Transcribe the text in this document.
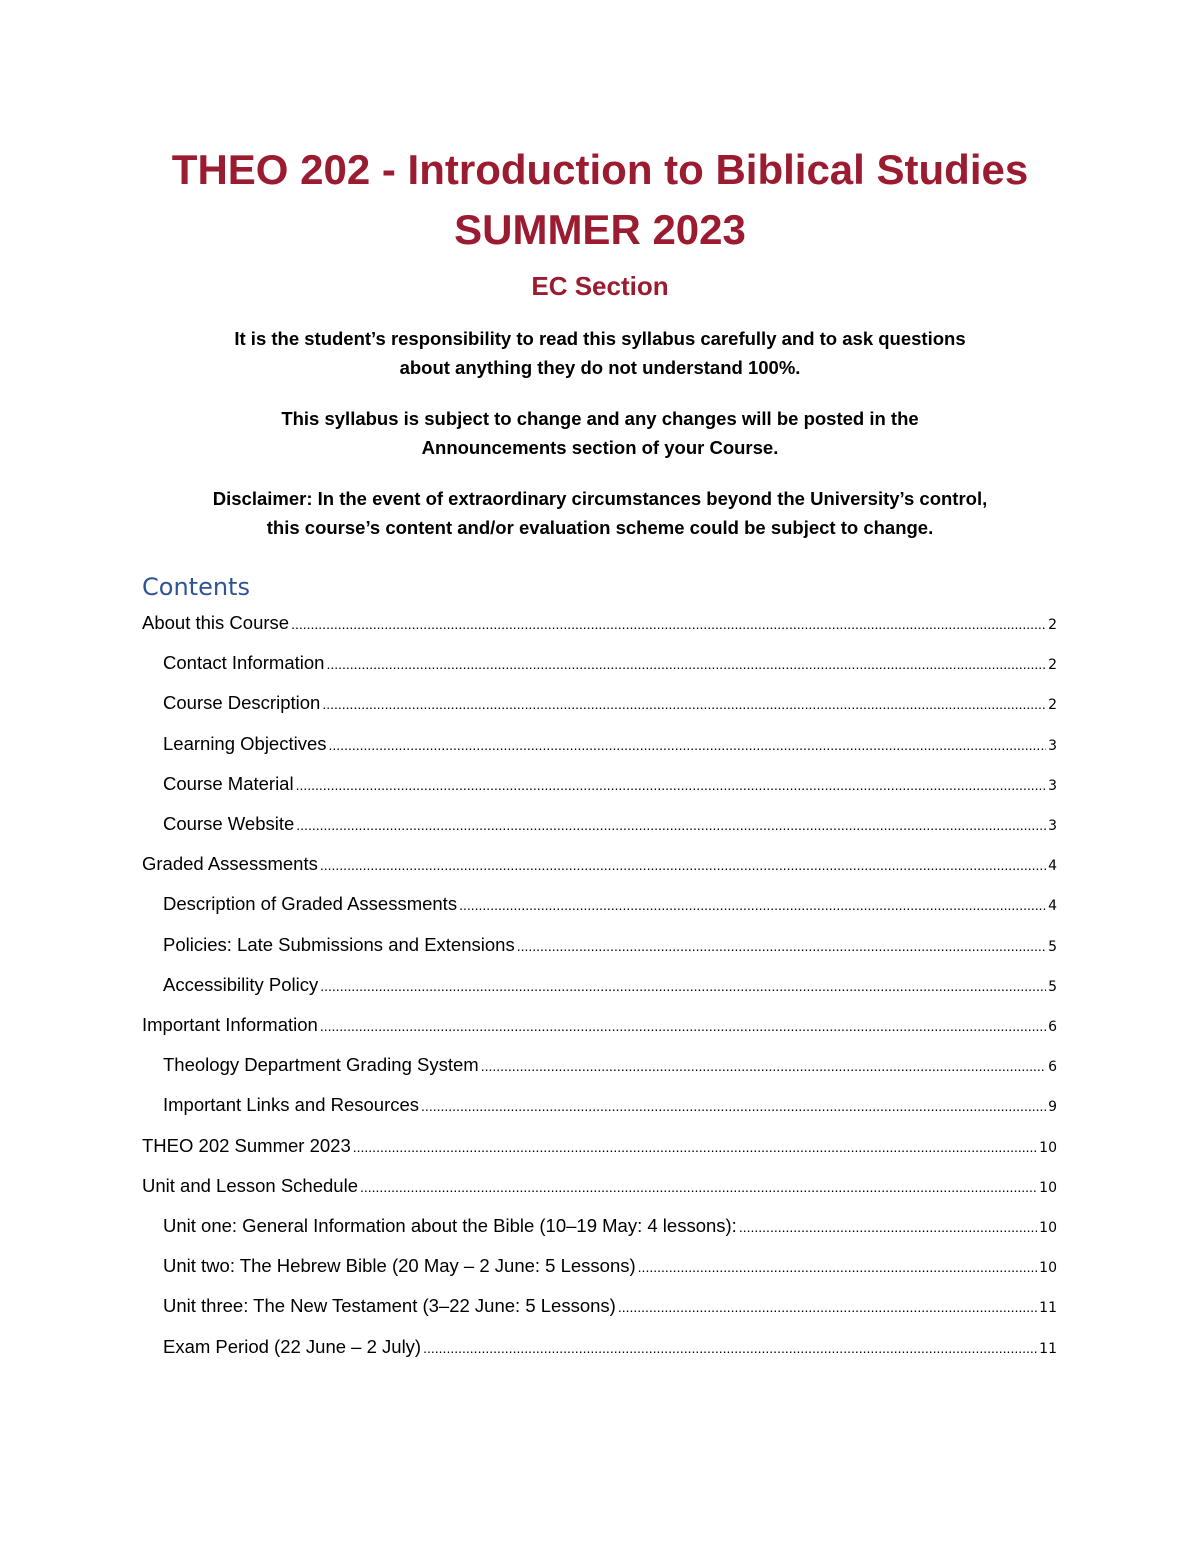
THEO 202 - Introduction to Biblical Studies
SUMMER 2023
EC Section
It is the student’s responsibility to read this syllabus carefully and to ask questions
about anything they do not understand 100%.
This syllabus is subject to change and any changes will be posted in the
Announcements section of your Course.
Disclaimer: In the event of extraordinary circumstances beyond the University’s control,
this course’s content and/or evaluation scheme could be subject to change.
Contents
About this Course .....	2
Contact Information .....	2
Course Description .....	2
Learning Objectives .....	3
Course Material .....	3
Course Website .....	3
Graded Assessments .....	4
Description of Graded Assessments .....	4
Policies: Late Submissions and Extensions .....	5
Accessibility Policy .....	5
Important Information .....	6
Theology Department Grading System .....	6
Important Links and Resources .....	9
THEO 202 Summer 2023 .....	10
Unit and Lesson Schedule .....	10
Unit one: General Information about the Bible (10–19 May: 4 lessons): .....	10
Unit two: The Hebrew Bible (20 May – 2 June: 5 Lessons) .....	10
Unit three: The New Testament (3–22 June: 5 Lessons) .....	11
Exam Period (22 June – 2 July) .....	11
